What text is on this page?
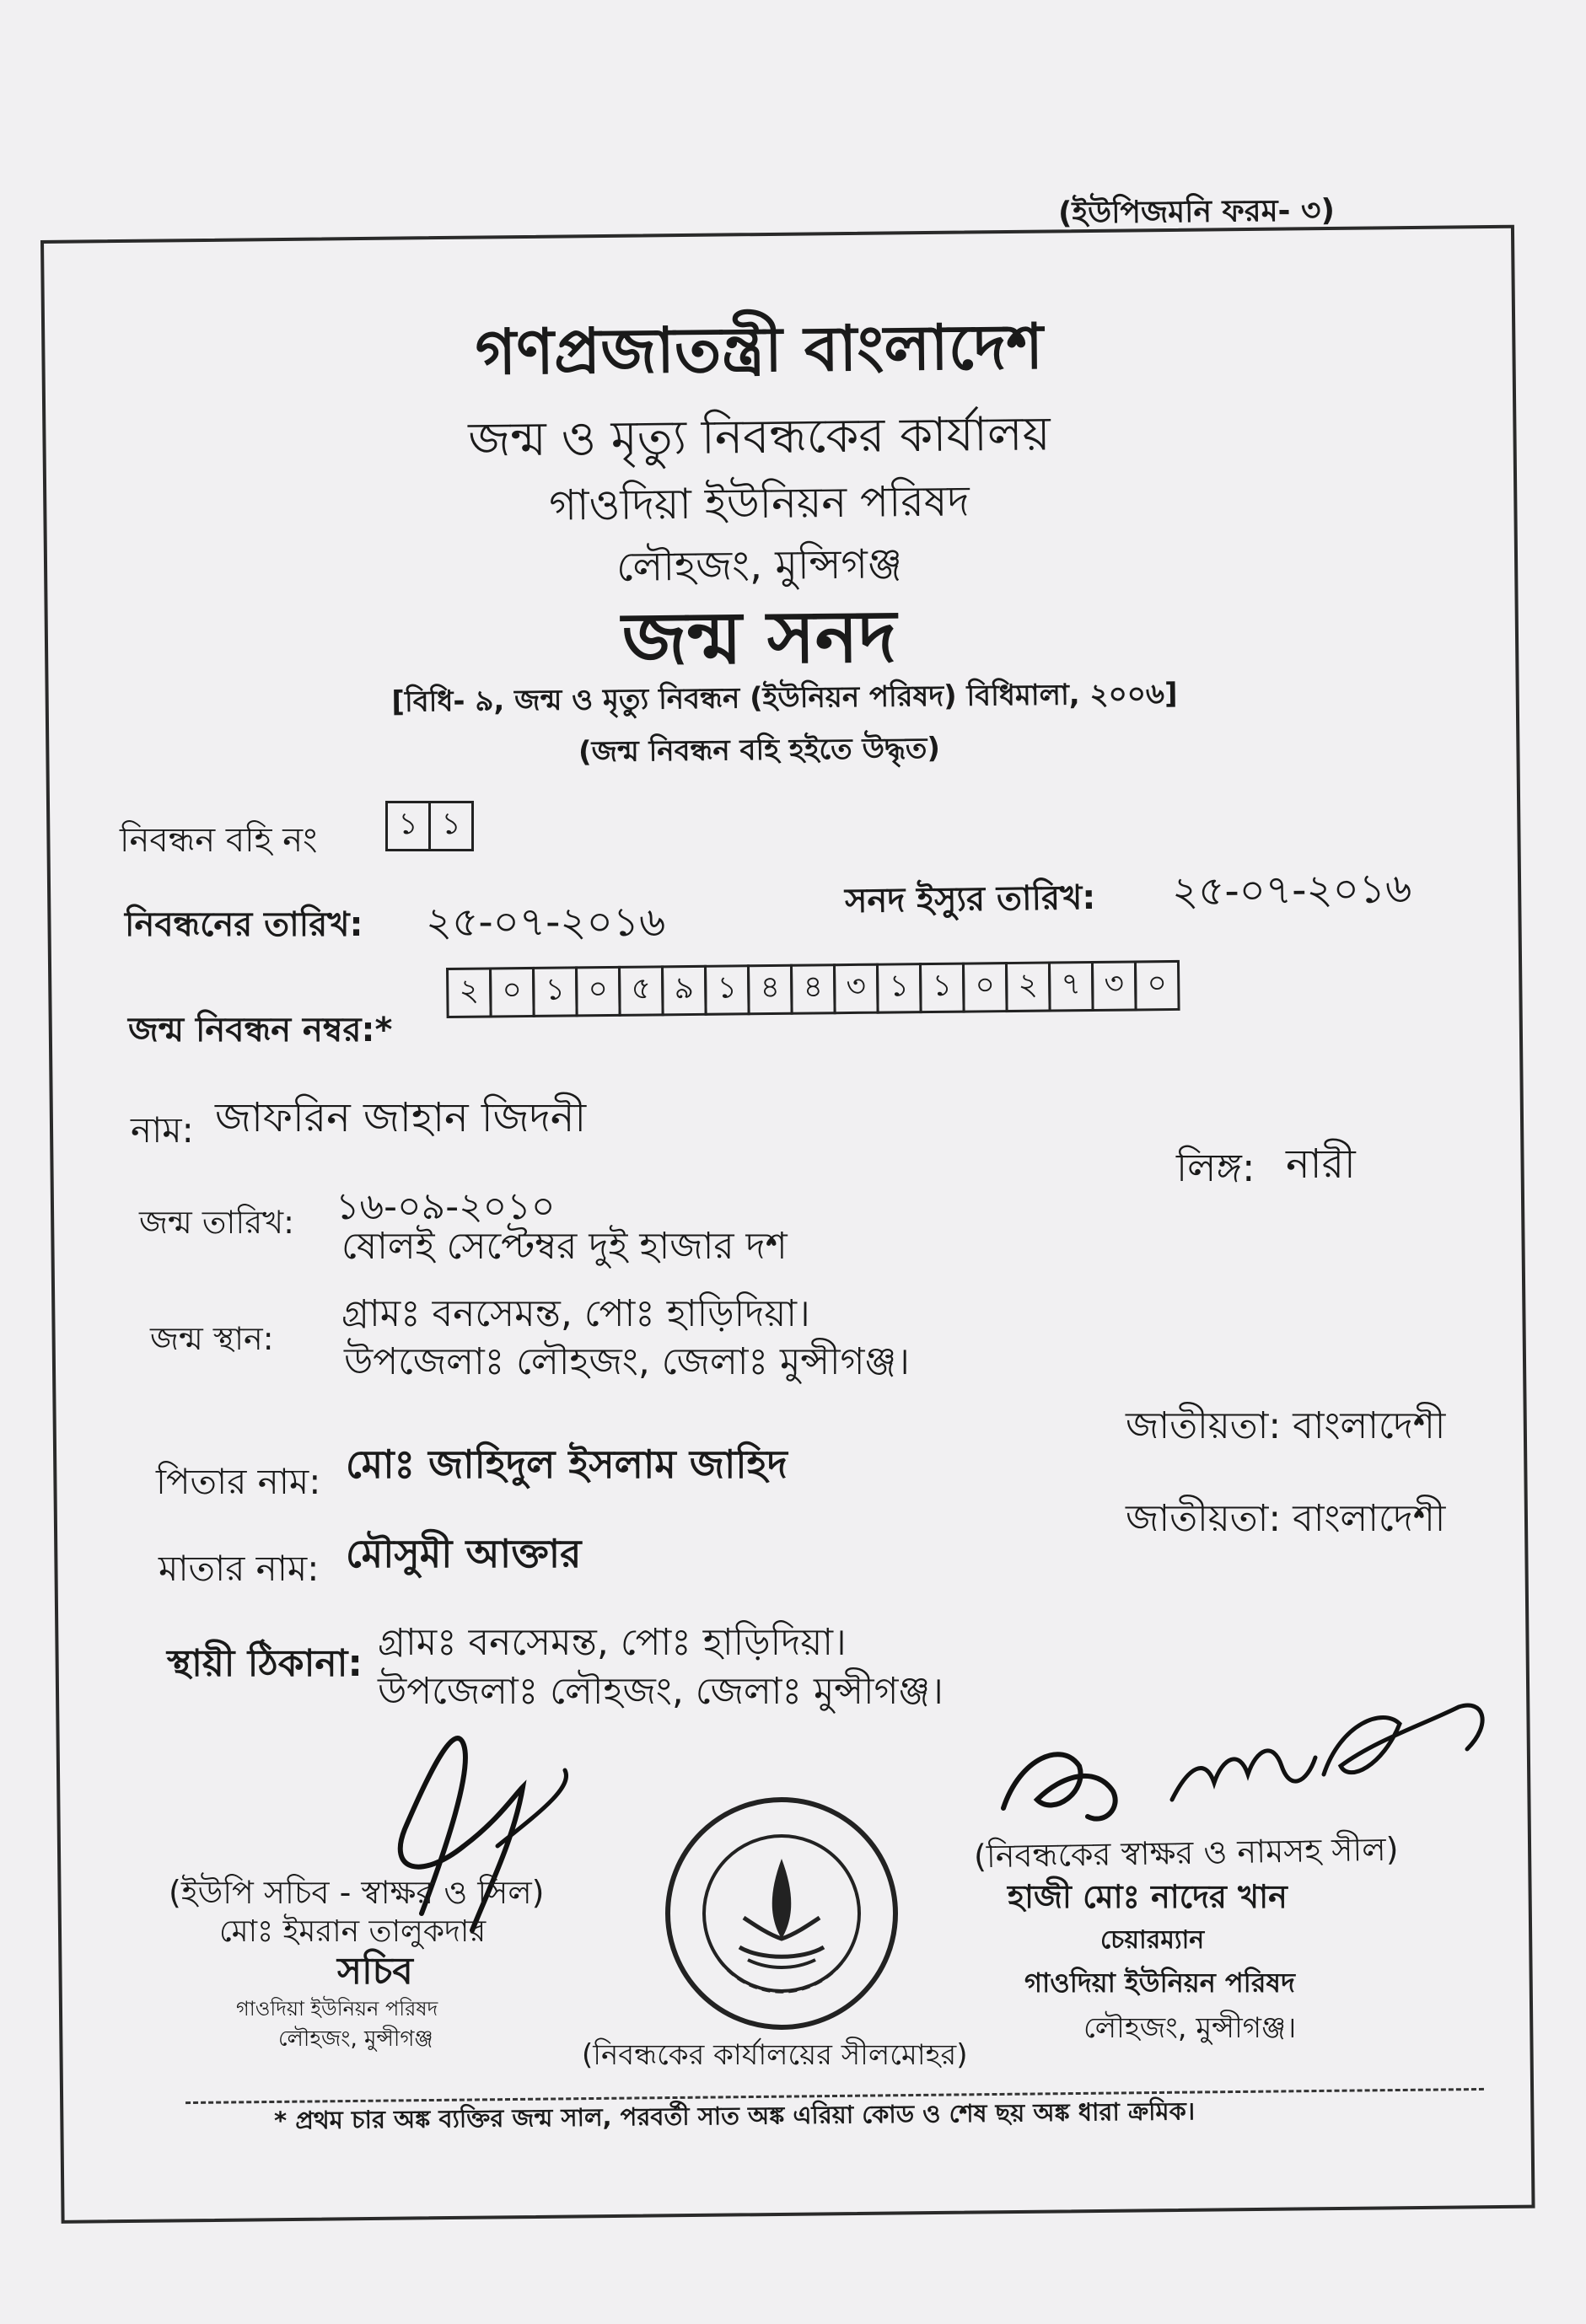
(ইউপিজমনি ফরম- ৩)
গণপ্রজাতন্ত্রী বাংলাদেশ
জন্ম ও মৃত্যু নিবন্ধকের কার্যালয়
গাওদিয়া ইউনিয়ন পরিষদ
লৌহজং, মুন্সিগঞ্জ
জন্ম সনদ
[বিধি- ৯, জন্ম ও মৃত্যু নিবন্ধন (ইউনিয়ন পরিষদ) বিধিমালা, ২০০৬]
(জন্ম নিবন্ধন বহি হইতে উদ্ধৃত)
নিবন্ধন বহি নং	১ ১
নিবন্ধনের তারিখ: ২৫-০৭-২০১৬	সনদ ইস্যুর তারিখ: ২৫-০৭-২০১৬
জন্ম নিবন্ধন নম্বর:*
২ ০ ১ ০ ৫ ৯ ১ ৪ ৪ ৩ ১ ১ ০ ২ ৭ ৩ ০
নাম: জাফরিন জাহান জিদনী
লিঙ্গ: নারী
জন্ম তারিখ: ১৬-০৯-২০১০
ষোলই সেপ্টেম্বর দুই হাজার দশ
জন্ম স্থান:
গ্রামঃ বনসেমন্ত, পোঃ হাড়িদিয়া।
উপজেলাঃ লৌহজং, জেলাঃ মুন্সীগঞ্জ।
পিতার নাম: মোঃ জাহিদুল ইসলাম জাহিদ
জাতীয়তা: বাংলাদেশী
মাতার নাম: মৌসুমী আক্তার
জাতীয়তা: বাংলাদেশী
স্থায়ী ঠিকানা: গ্রামঃ বনসেমন্ত, পোঃ হাড়িদিয়া।
উপজেলাঃ লৌহজং, জেলাঃ মুন্সীগঞ্জ।
(ইউপি সচিব - স্বাক্ষর ও সিল)
মোঃ ইমরান তালুকদার
সচিব
গাওদিয়া ইউনিয়ন পরিষদ
লৌহজং, মুন্সীগঞ্জ	(নিবন্ধকের কার্যালয়ের সীলমোহর)
(নিবন্ধকের স্বাক্ষর ও নামসহ সীল)
হাজী মোঃ নাদের খান
চেয়ারম্যান
গাওদিয়া ইউনিয়ন পরিষদ
লৌহজং, মুন্সীগঞ্জ।
* প্রথম চার অঙ্ক ব্যক্তির জন্ম সাল, পরবর্তী সাত অঙ্ক এরিয়া কোড ও শেষ ছয় অঙ্ক ধারা ক্রমিক।
